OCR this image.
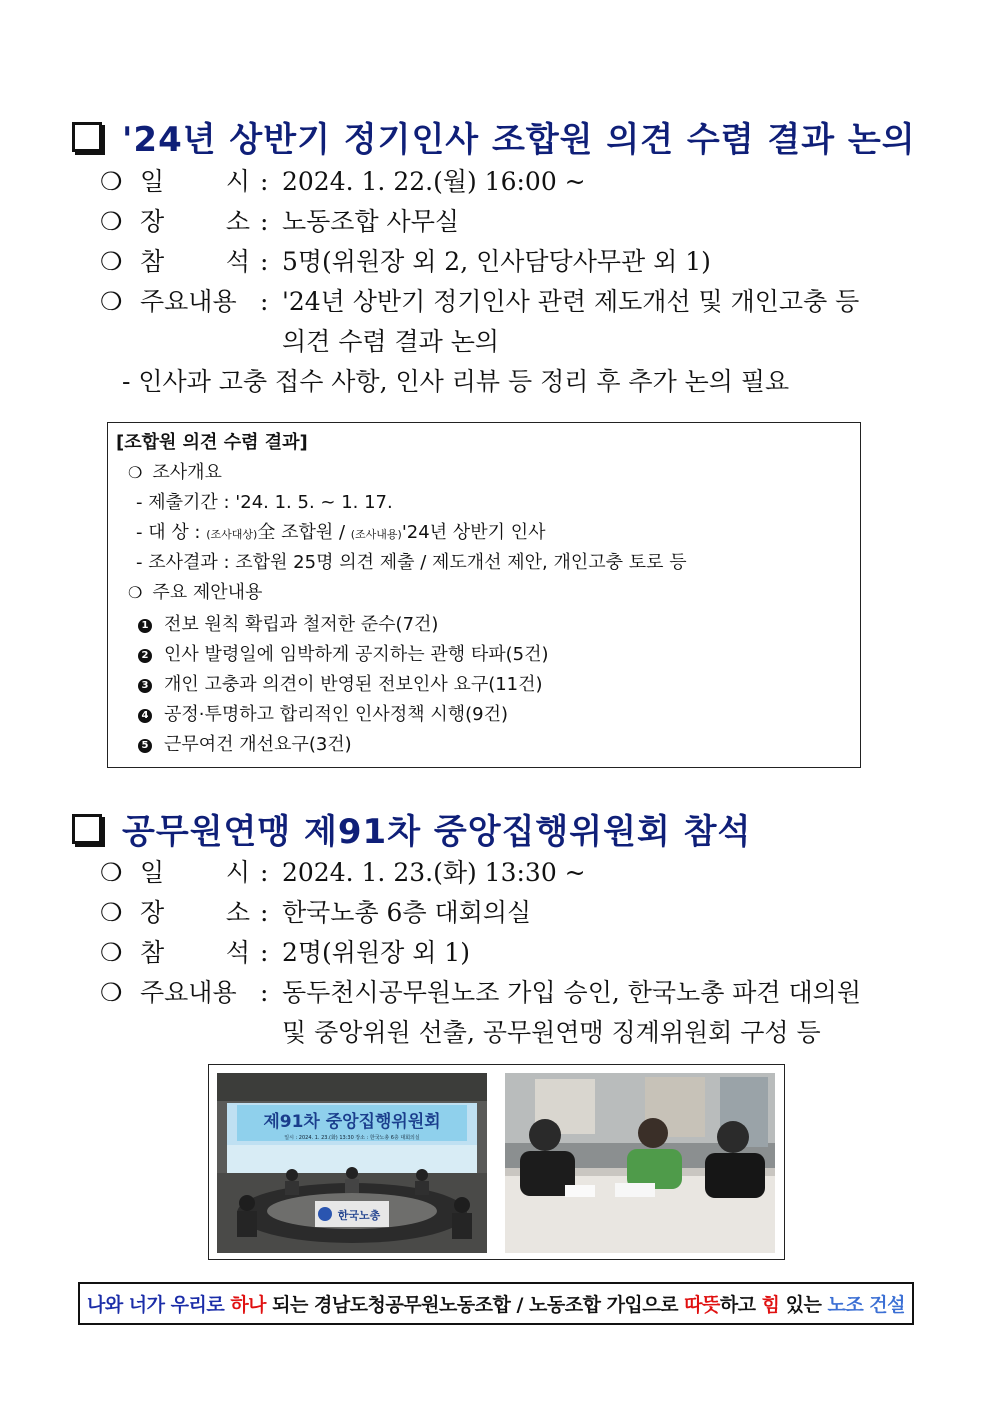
'24년 상반기 정기인사 조합원 의견 수렴 결과 논의
❍ 일 시 : 2024. 1. 22.(월) 16:00 ~
❍ 장 소 : 노동조합 사무실
❍ 참 석 : 5명(위원장 외 2, 인사담당사무관 외 1)
❍ 주요내용 : '24년 상반기 정기인사 관련 제도개선 및 개인고충 등
의견 수렴 결과 논의
- 인사과 고충 접수 사항, 인사 리뷰 등 정리 후 추가 논의 필요
[조합원 의견 수렴 결과]
❍ 조사개요
- 제출기간 : '24. 1. 5. ~ 1. 17.
- 대 상 : (조사대상)全 조합원 / (조사내용)'24년 상반기 인사
- 조사결과 : 조합원 25명 의견 제출 / 제도개선 제안, 개인고충 토로 등
❍ 주요 제안내용
1 전보 원칙 확립과 철저한 준수(7건)
2 인사 발령일에 임박하게 공지하는 관행 타파(5건)
3 개인 고충과 의견이 반영된 전보인사 요구(11건)
4 공정·투명하고 합리적인 인사정책 시행(9건)
5 근무여건 개선요구(3건)
공무원연맹 제91차 중앙집행위원회 참석
❍ 일 시 : 2024. 1. 23.(화) 13:30 ~
❍ 장 소 : 한국노총 6층 대회의실
❍ 참 석 : 2명(위원장 외 1)
❍ 주요내용 : 동두천시공무원노조 가입 승인, 한국노총 파견 대의원
및 중앙위원 선출, 공무원연맹 징계위원회 구성 등
제91차 중앙집행위원회
일시 : 2024. 1. 23.(화) 13:30 장소 : 한국노총 6층 대회의실
한국노총
나와 너가 우리로 하나 되는 경남도청공무원노동조합 / 노동조합 가입으로 따뜻 하고 힘 있는 노조 건설
